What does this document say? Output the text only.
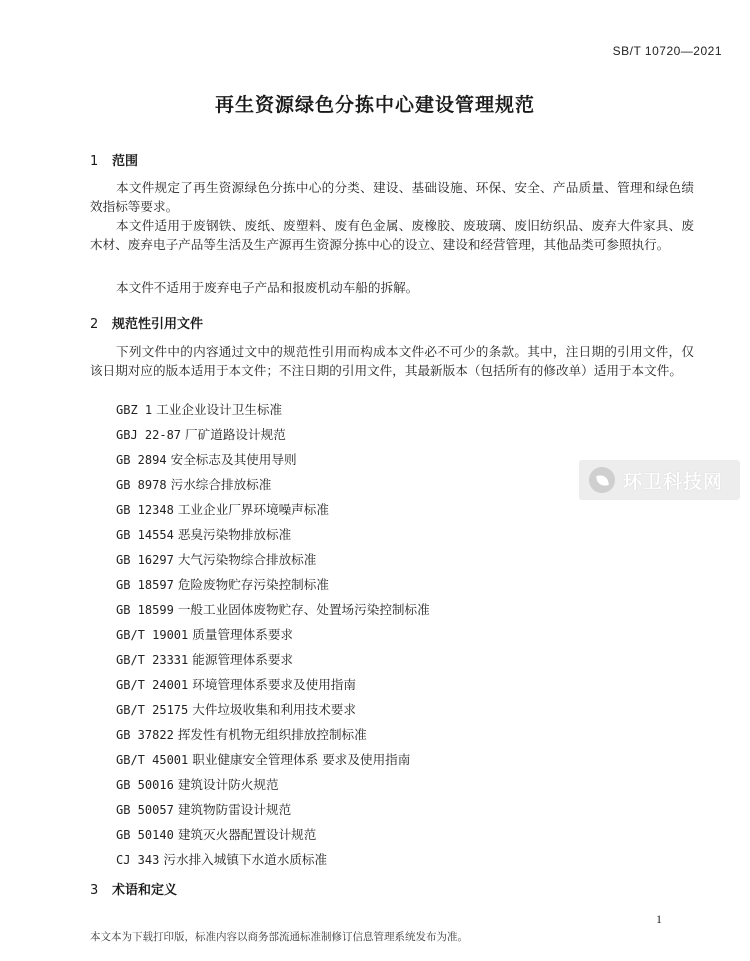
SB/T 10720—2021
再生资源绿色分拣中心建设管理规范
1 范围
本文件规定了再生资源绿色分拣中心的分类、建设、基础设施、环保、安全、产品质量、管理和绿色绩效指标等要求。
本文件适用于废钢铁、废纸、废塑料、废有色金属、废橡胶、废玻璃、废旧纺织品、废弃大件家具、废木材、废弃电子产品等生活及生产源再生资源分拣中心的设立、建设和经营管理，其他品类可参照执行。
本文件不适用于废弃电子产品和报废机动车船的拆解。
2 规范性引用文件
下列文件中的内容通过文中的规范性引用而构成本文件必不可少的条款。其中，注日期的引用文件，仅该日期对应的版本适用于本文件；不注日期的引用文件，其最新版本（包括所有的修改单）适用于本文件。
GBZ 1 工业企业设计卫生标准
GBJ 22-87 厂矿道路设计规范
GB 2894 安全标志及其使用导则
GB 8978 污水综合排放标准
GB 12348 工业企业厂界环境噪声标准
GB 14554 恶臭污染物排放标准
GB 16297 大气污染物综合排放标准
GB 18597 危险废物贮存污染控制标准
GB 18599 一般工业固体废物贮存、处置场污染控制标准
GB/T 19001 质量管理体系要求
GB/T 23331 能源管理体系要求
GB/T 24001 环境管理体系要求及使用指南
GB/T 25175 大件垃圾收集和利用技术要求
GB 37822 挥发性有机物无组织排放控制标准
GB/T 45001 职业健康安全管理体系 要求及使用指南
GB 50016 建筑设计防火规范
GB 50057 建筑物防雷设计规范
GB 50140 建筑灭火器配置设计规范
CJ 343 污水排入城镇下水道水质标准
3 术语和定义
1
本文本为下载打印版，标准内容以商务部流通标准制修订信息管理系统发布为准。
环卫科技网
